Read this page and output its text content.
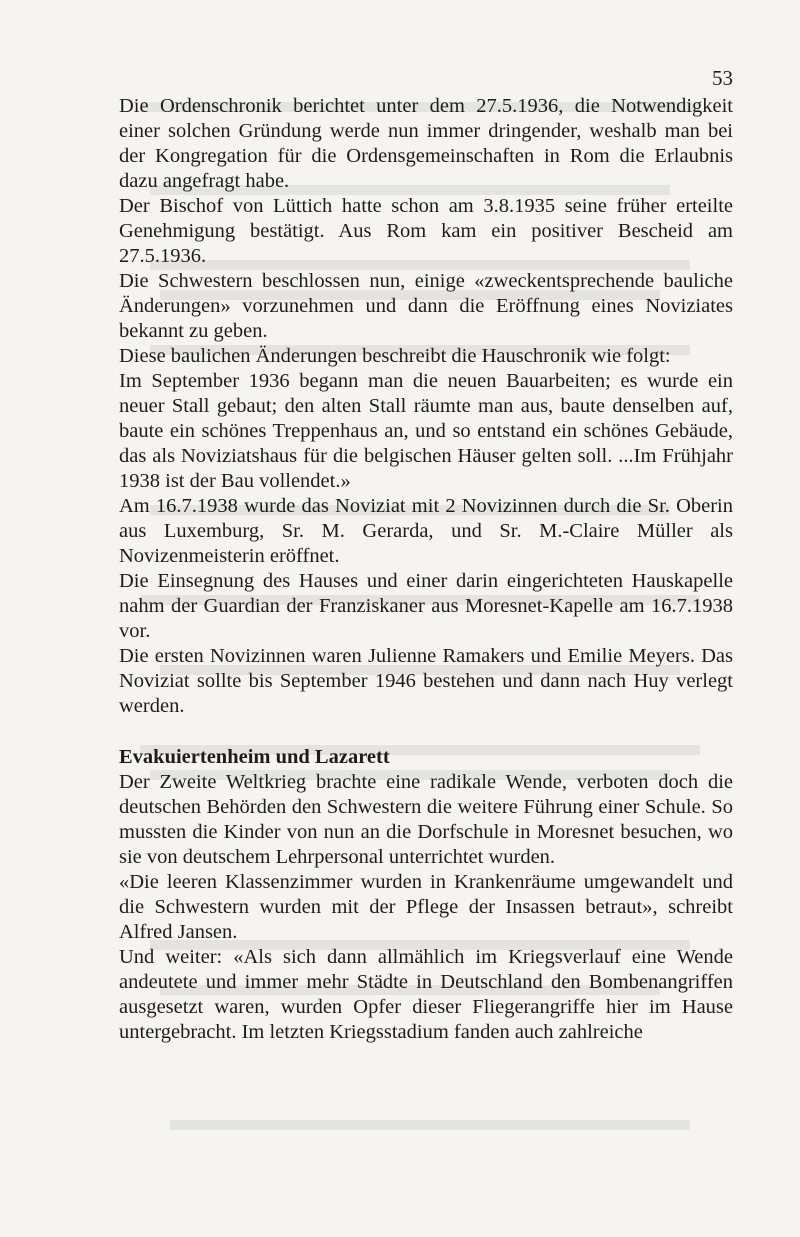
53

Die Ordenschronik berichtet unter dem 27.5.1936, die Notwendigkeit einer solchen Gründung werde nun immer dringender, weshalb man bei der Kongregation für die Ordensgemeinschaften in Rom die Erlaubnis dazu angefragt habe.

Der Bischof von Lüttich hatte schon am 3.8.1935 seine früher erteilte Genehmigung bestätigt. Aus Rom kam ein positiver Bescheid am 27.5.1936.

Die Schwestern beschlossen nun, einige «zweckentsprechende bauliche Änderungen» vorzunehmen und dann die Eröffnung eines Noviziates bekannt zu geben.

Diese baulichen Änderungen beschreibt die Hauschronik wie folgt:

Im September 1936 begann man die neuen Bauarbeiten; es wurde ein neuer Stall gebaut; den alten Stall räumte man aus, baute denselben auf, baute ein schönes Treppenhaus an, und so entstand ein schönes Gebäude, das als Noviziatshaus für die belgischen Häuser gelten soll. ...Im Frühjahr 1938 ist der Bau vollendet.»

Am 16.7.1938 wurde das Noviziat mit 2 Novizinnen durch die Sr. Oberin aus Luxemburg, Sr. M. Gerarda, und Sr. M.-Claire Müller als Novizenmeisterin eröffnet.

Die Einsegnung des Hauses und einer darin eingerichteten Hauskapelle nahm der Guardian der Franziskaner aus Moresnet-Kapelle am 16.7.1938 vor.

Die ersten Novizinnen waren Julienne Ramakers und Emilie Meyers. Das Noviziat sollte bis September 1946 bestehen und dann nach Huy verlegt werden.

Evakuiertenheim und Lazarett

Der Zweite Weltkrieg brachte eine radikale Wende, verboten doch die deutschen Behörden den Schwestern die weitere Führung einer Schule. So mussten die Kinder von nun an die Dorfschule in Moresnet besuchen, wo sie von deutschem Lehrpersonal unterrichtet wurden.

«Die leeren Klassenzimmer wurden in Krankenräume umgewandelt und die Schwestern wurden mit der Pflege der Insassen betraut», schreibt Alfred Jansen.

Und weiter: «Als sich dann allmählich im Kriegsverlauf eine Wende andeutete und immer mehr Städte in Deutschland den Bombenangriffen ausgesetzt waren, wurden Opfer dieser Fliegerangriffe hier im Hause untergebracht. Im letzten Kriegsstadium fanden auch zahlreiche
